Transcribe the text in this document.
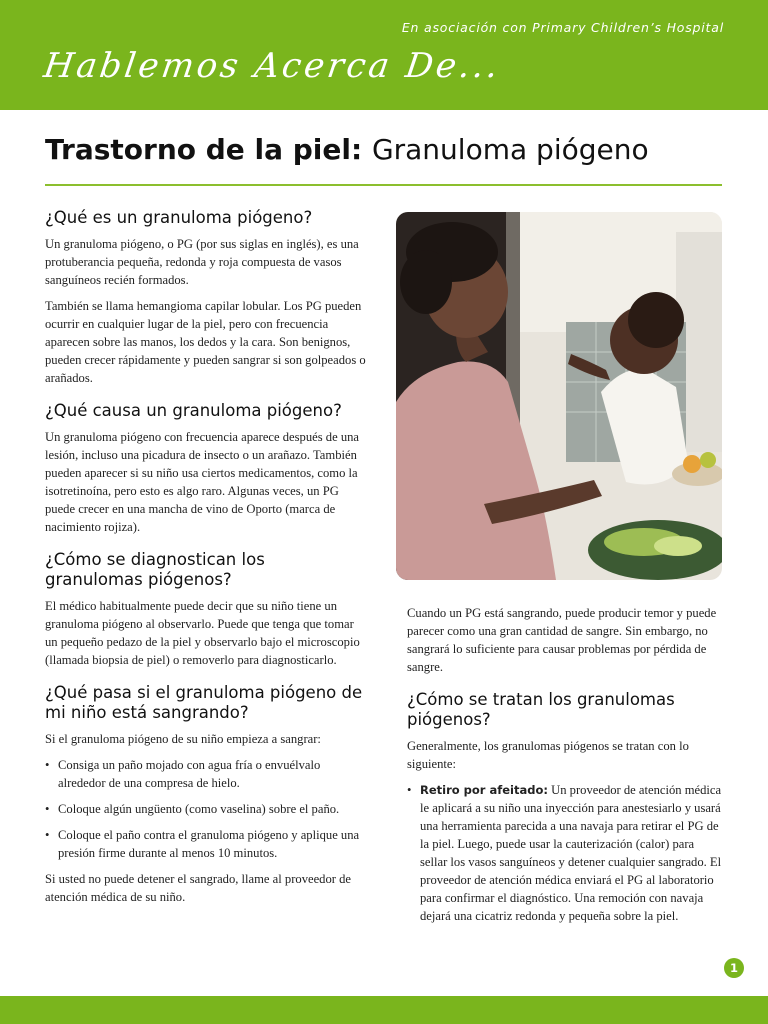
En asociación con Primary Children’s Hospital
Hablemos Acerca De...
Trastorno de la piel: Granuloma piógeno
¿Qué es un granuloma piógeno?

Un granuloma piógeno, o PG (por sus siglas en inglés), es una protuberancia pequeña, redonda y roja compuesta de vasos sanguíneos recién formados.

También se llama hemangioma capilar lobular. Los PG pueden ocurrir en cualquier lugar de la piel, pero con frecuencia aparecen sobre las manos, los dedos y la cara. Son benignos, pueden crecer rápidamente y pueden sangrar si son golpeados o arañados.

¿Qué causa un granuloma piógeno?

Un granuloma piógeno con frecuencia aparece después de una lesión, incluso una picadura de insecto o un arañazo. También pueden aparecer si su niño usa ciertos medicamentos, como la isotretinoína, pero esto es algo raro. Algunas veces, un PG puede crecer en una mancha de vino de Oporto (marca de nacimiento rojiza).

¿Cómo se diagnostican los granulomas piógenos?

El médico habitualmente puede decir que su niño tiene un granuloma piógeno al observarlo. Puede que tenga que tomar un pequeño pedazo de la piel y observarlo bajo el microscopio (llamada biopsia de piel) o removerlo para diagnosticarlo.

¿Qué pasa si el granuloma piógeno de mi niño está sangrando?

Si el granuloma piógeno de su niño empieza a sangrar:

• Consiga un paño mojado con agua fría o envuélvalo alrededor de una compresa de hielo.
• Coloque algún ungüento (como vaselina) sobre el paño.
• Coloque el paño contra el granuloma piógeno y aplique una presión firme durante al menos 10 minutos.

Si usted no puede detener el sangrado, llame al proveedor de atención médica de su niño.

Cuando un PG está sangrando, puede producir temor y puede parecer como una gran cantidad de sangre. Sin embargo, no sangrará lo suficiente para causar problemas por pérdida de sangre.

¿Cómo se tratan los granulomas piógenos?

Generalmente, los granulomas piógenos se tratan con lo siguiente:

• Retiro por afeitado: Un proveedor de atención médica le aplicará a su niño una inyección para anestesiarlo y usará una herramienta parecida a una navaja para retirar el PG de la piel. Luego, puede usar la cauterización (calor) para sellar los vasos sanguíneos y detener cualquier sangrado. El proveedor de atención médica enviará el PG al laboratorio para confirmar el diagnóstico. Una remoción con navaja dejará una cicatriz redonda y pequeña sobre la piel.
1
